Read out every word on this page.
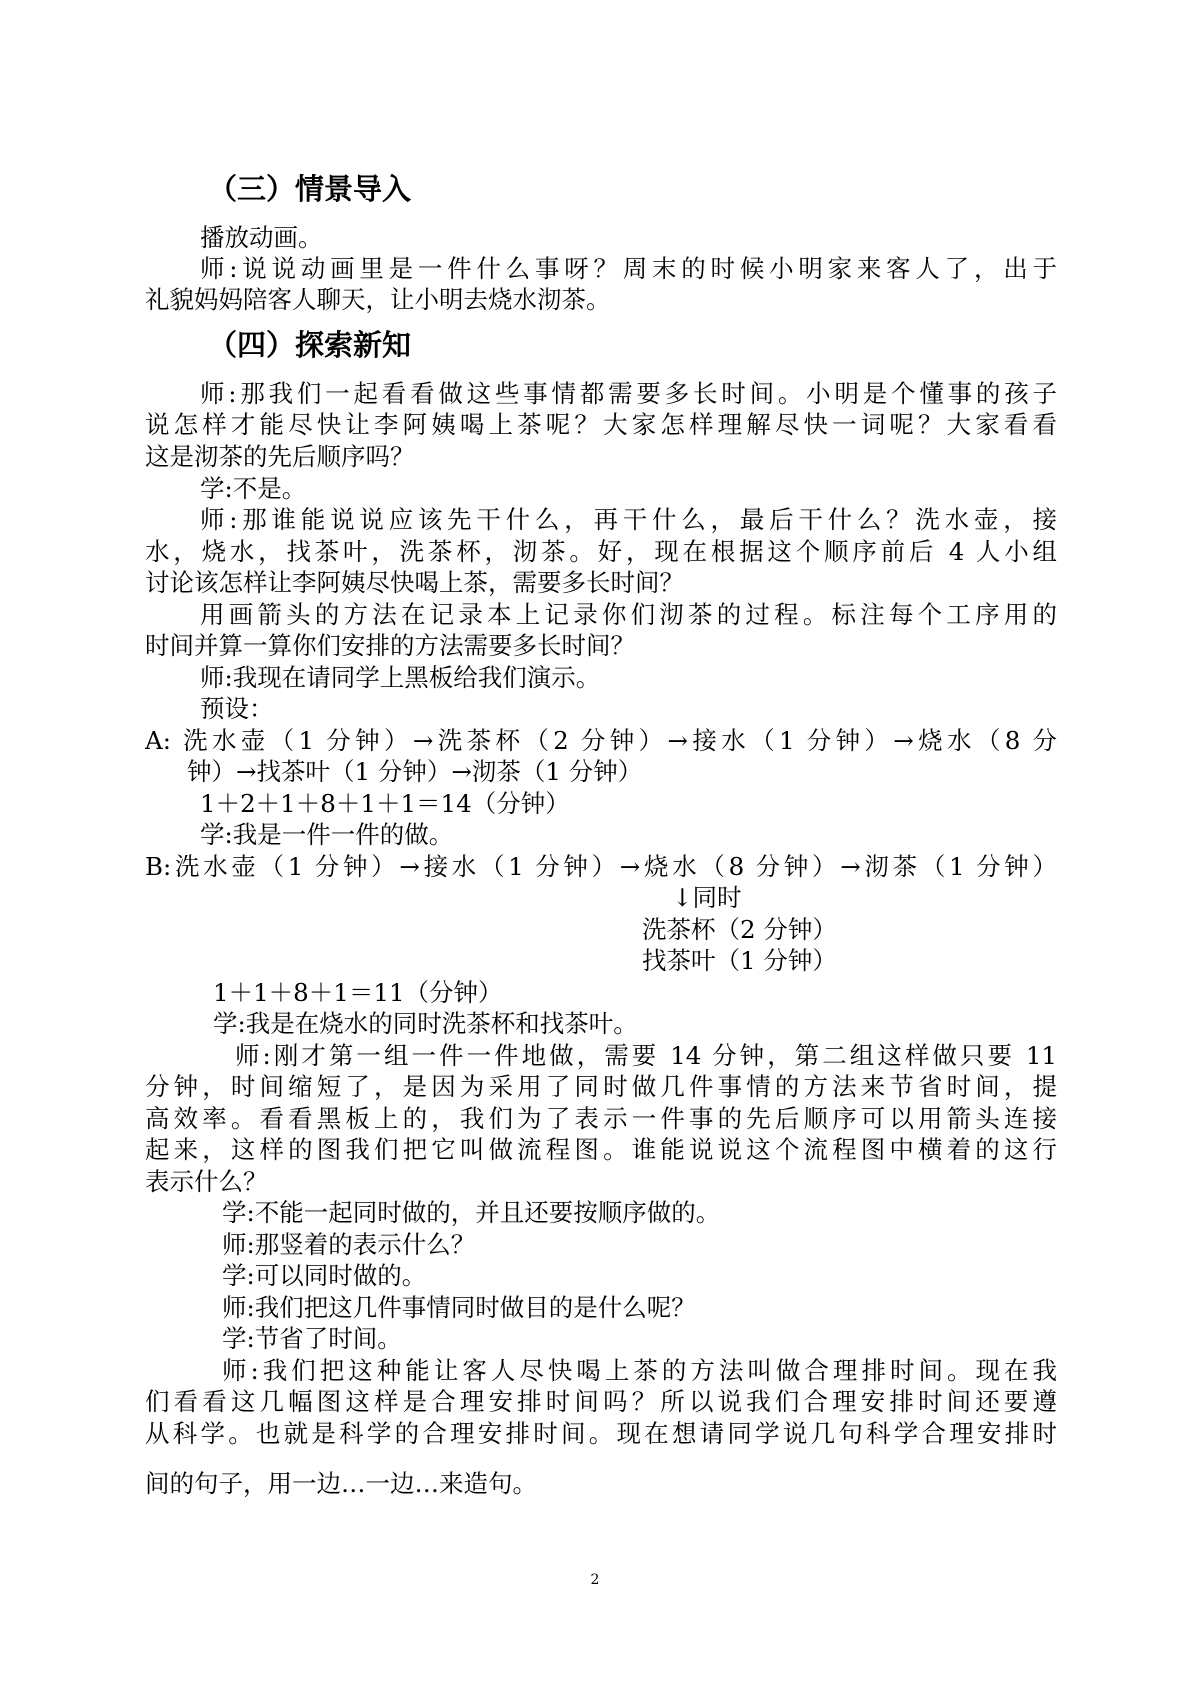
（三）情景导入
播放动画。
师:说说动画里是一件什么事呀？周末的时候小明家来客人了，出于
礼貌妈妈陪客人聊天，让小明去烧水沏茶。
（四）探索新知
师:那我们一起看看做这些事情都需要多长时间。小明是个懂事的孩子
说怎样才能尽快让李阿姨喝上茶呢？大家怎样理解尽快一词呢？大家看看
这是沏茶的先后顺序吗？
学:不是。
师:那谁能说说应该先干什么，再干什么，最后干什么？洗水壶，接
水，烧水，找茶叶，洗茶杯，沏茶。好，现在根据这个顺序前后 4 人小组
讨论该怎样让李阿姨尽快喝上茶，需要多长时间？
用画箭头的方法在记录本上记录你们沏茶的过程。标注每个工序用的
时间并算一算你们安排的方法需要多长时间？
师:我现在请同学上黑板给我们演示。
预设：
A: 洗水壶（1 分钟）→洗茶杯（2 分钟）→接水（1 分钟）→烧水（8 分
钟）→找茶叶（1 分钟）→沏茶（1 分钟）
1＋2＋1＋8＋1＋1＝14（分钟）
学:我是一件一件的做。
B:洗水壶（1 分钟）→接水（1 分钟）→烧水（8 分钟）→沏茶（1 分钟）
↓同时
洗茶杯（2 分钟）
找茶叶（1 分钟）
1＋1＋8＋1＝11（分钟）
学:我是在烧水的同时洗茶杯和找茶叶。
师:刚才第一组一件一件地做，需要 14 分钟，第二组这样做只要 11
分钟，时间缩短了，是因为采用了同时做几件事情的方法来节省时间，提
高效率。看看黑板上的，我们为了表示一件事的先后顺序可以用箭头连接
起来，这样的图我们把它叫做流程图。谁能说说这个流程图中横着的这行
表示什么？
学:不能一起同时做的，并且还要按顺序做的。
师:那竖着的表示什么？
学:可以同时做的。
师:我们把这几件事情同时做目的是什么呢？
学:节省了时间。
师:我们把这种能让客人尽快喝上茶的方法叫做合理排时间。现在我
们看看这几幅图这样是合理安排时间吗？所以说我们合理安排时间还要遵
从科学。也就是科学的合理安排时间。现在想请同学说几句科学合理安排时
间的句子，用一边…一边…来造句。
2
